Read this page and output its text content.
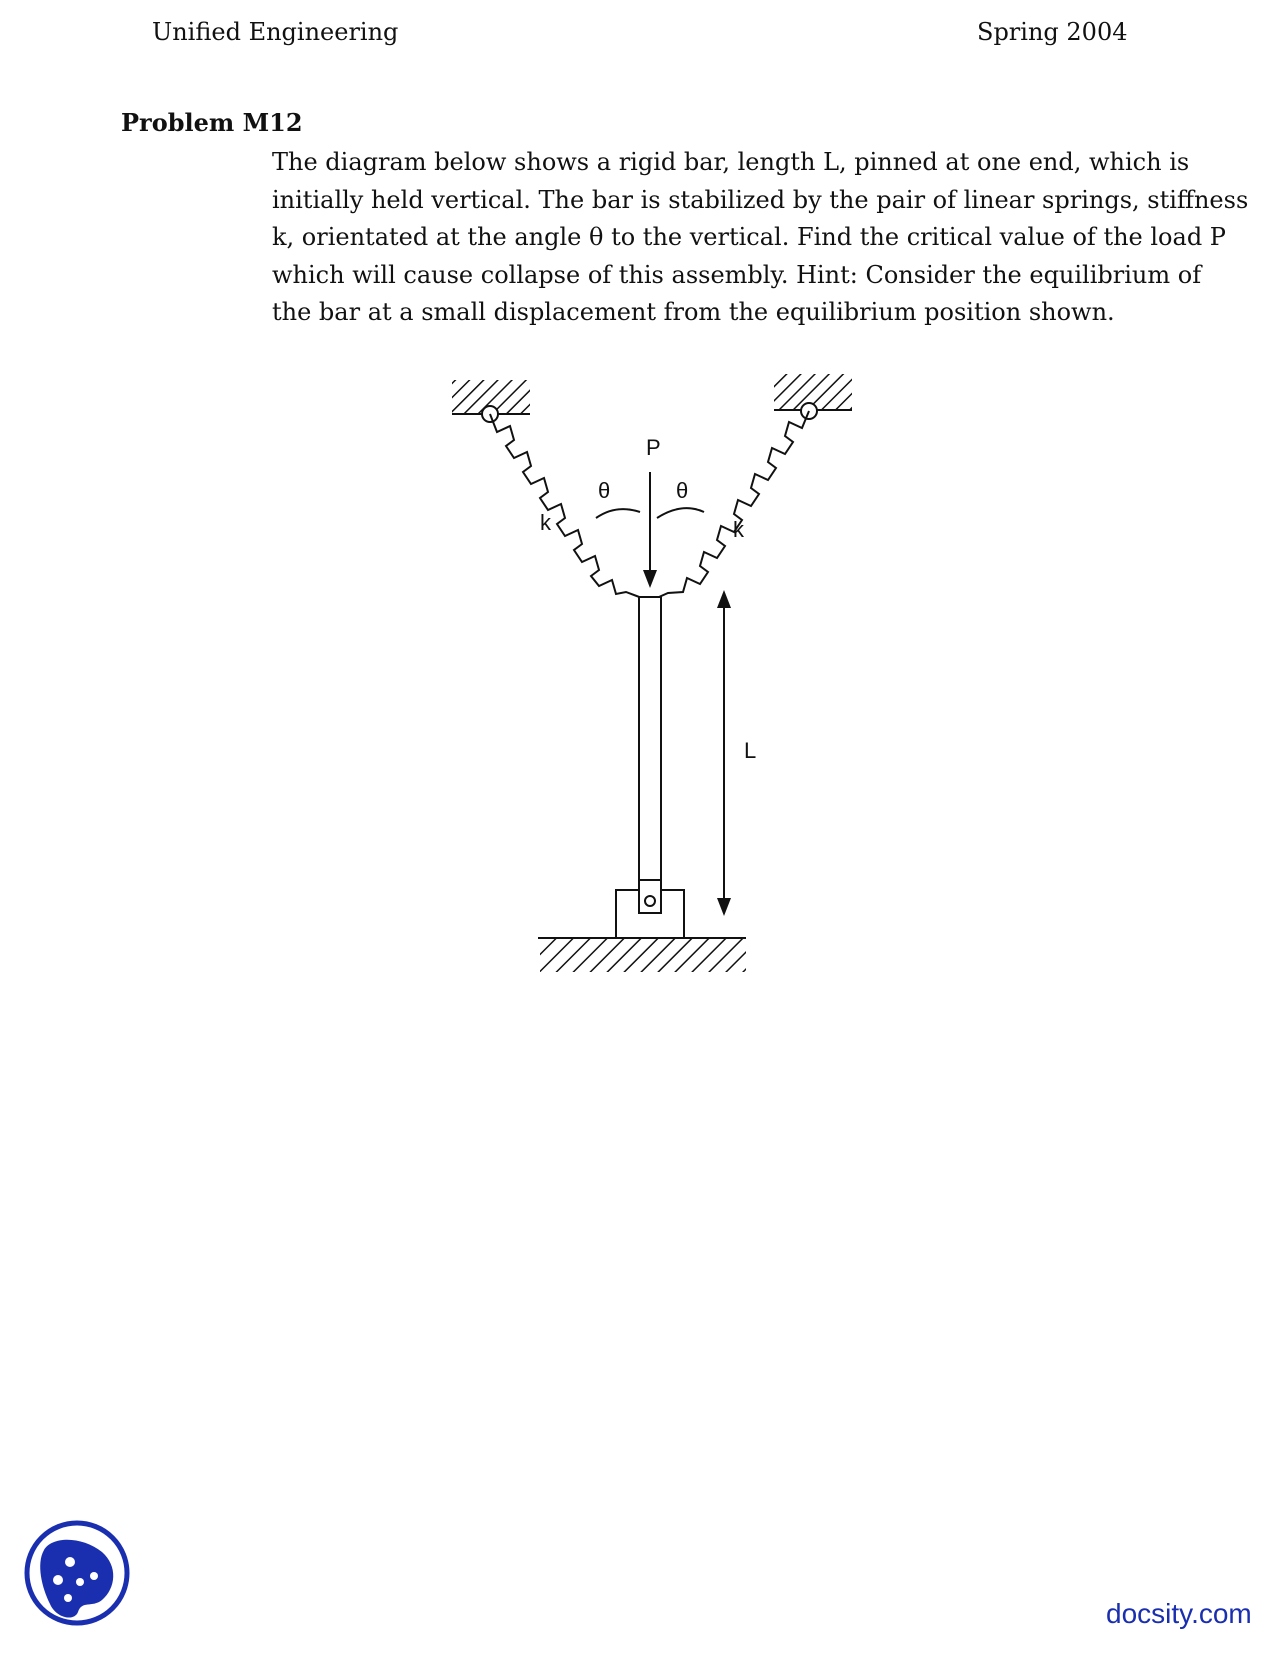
Unified Engineering	Spring 2004
Problem M12
The diagram below shows a rigid bar, length L, pinned at one end, which is
initially held vertical. The bar is stabilized by the pair of linear springs, stiffness
k, orientated at the angle θ to the vertical. Find the critical value of the load P
which will cause collapse of this assembly. Hint: Consider the equilibrium of
the bar at a small displacement from the equilibrium position shown.
P
θ	θ
k	k
L
docsity.com
